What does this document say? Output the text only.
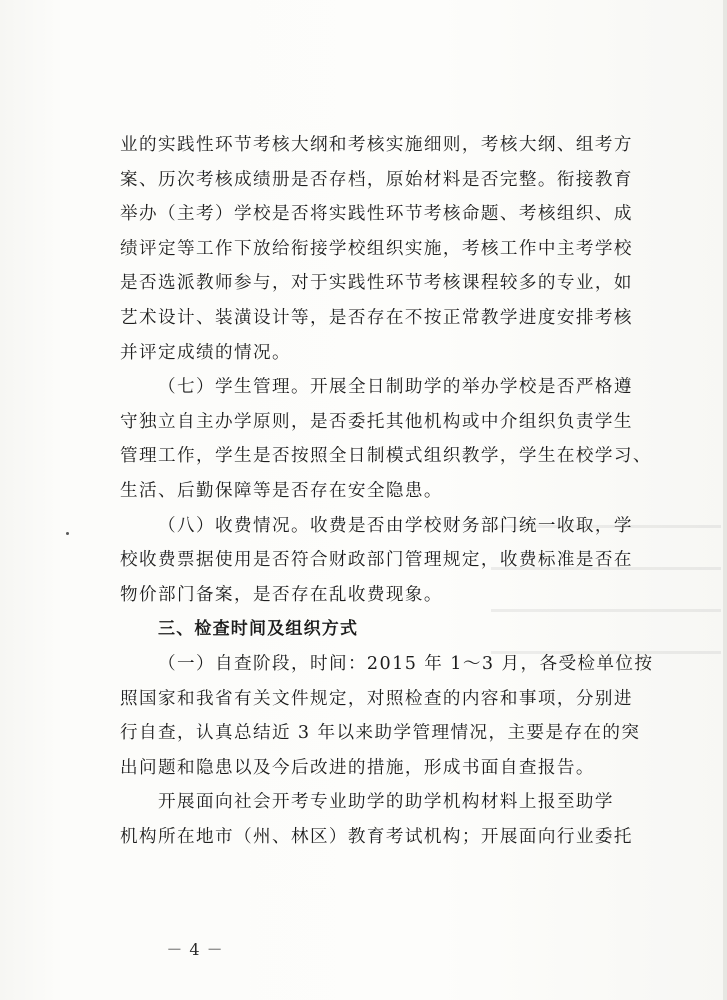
业的实践性环节考核大纲和考核实施细则，考核大纲、组考方
案、历次考核成绩册是否存档，原始材料是否完整。衔接教育
举办（主考）学校是否将实践性环节考核命题、考核组织、成
绩评定等工作下放给衔接学校组织实施，考核工作中主考学校
是否选派教师参与，对于实践性环节考核课程较多的专业，如
艺术设计、装潢设计等，是否存在不按正常教学进度安排考核
并评定成绩的情况。
（七）学生管理。开展全日制助学的举办学校是否严格遵
守独立自主办学原则，是否委托其他机构或中介组织负责学生
管理工作，学生是否按照全日制模式组织教学，学生在校学习、
生活、后勤保障等是否存在安全隐患。
（八）收费情况。收费是否由学校财务部门统一收取，学
校收费票据使用是否符合财政部门管理规定，收费标准是否在
物价部门备案，是否存在乱收费现象。
三、检查时间及组织方式
（一）自查阶段，时间：2015 年 1～3 月，各受检单位按
照国家和我省有关文件规定，对照检查的内容和事项，分别进
行自查，认真总结近 3 年以来助学管理情况，主要是存在的突
出问题和隐患以及今后改进的措施，形成书面自查报告。
开展面向社会开考专业助学的助学机构材料上报至助学
机构所在地市（州、林区）教育考试机构；开展面向行业委托
－ 4 －
